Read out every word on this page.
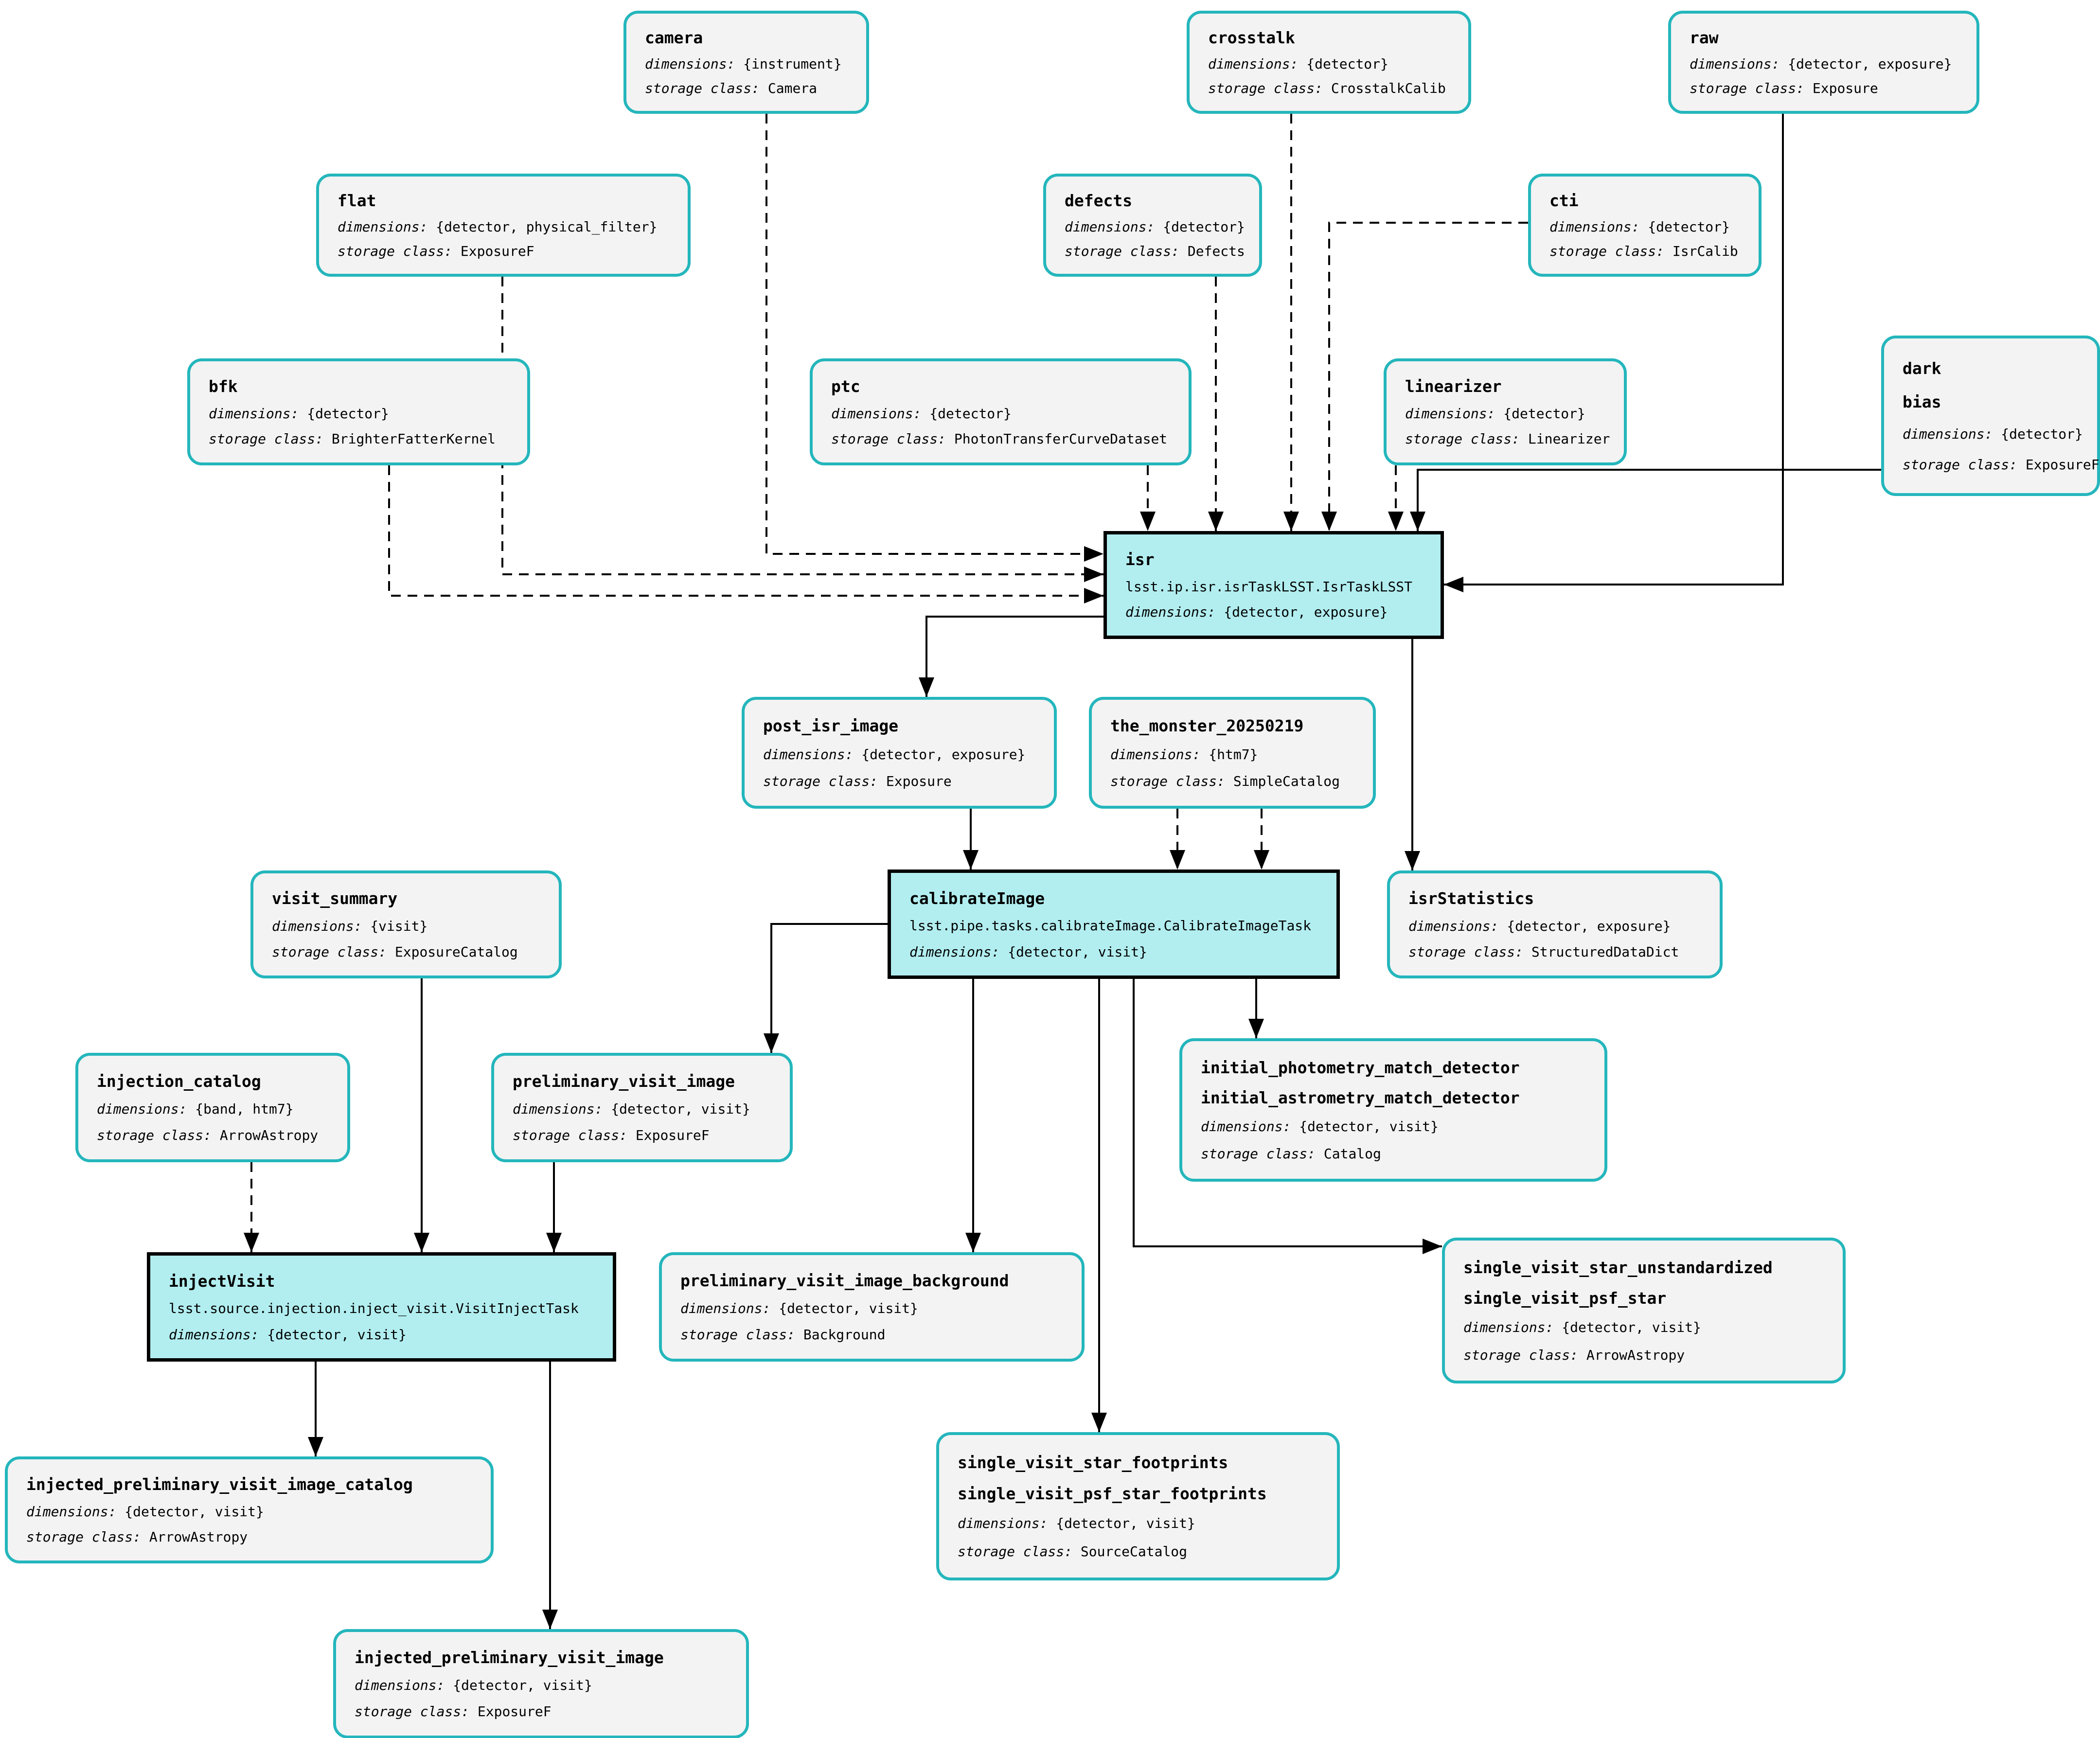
camera
dimensions: {instrument}
storage class: Camera
crosstalk
dimensions: {detector}
storage class: CrosstalkCalib
raw
dimensions: {detector, exposure}
storage class: Exposure
flat
dimensions: {detector, physical_filter}
storage class: ExposureF
defects
dimensions: {detector}
storage class: Defects
cti
dimensions: {detector}
storage class: IsrCalib
bfk
dimensions: {detector}
storage class: BrighterFatterKernel
ptc
dimensions: {detector}
storage class: PhotonTransferCurveDataset
linearizer
dimensions: {detector}
storage class: Linearizer
dark
bias
dimensions: {detector}
storage class: ExposureF
isr
lsst.ip.isr.isrTaskLSST.IsrTaskLSST
dimensions: {detector, exposure}
post_isr_image
dimensions: {detector, exposure}
storage class: Exposure
the_monster_20250219
dimensions: {htm7}
storage class: SimpleCatalog
calibrateImage
lsst.pipe.tasks.calibrateImage.CalibrateImageTask
dimensions: {detector, visit}
isrStatistics
dimensions: {detector, exposure}
storage class: StructuredDataDict
visit_summary
dimensions: {visit}
storage class: ExposureCatalog
injection_catalog
dimensions: {band, htm7}
storage class: ArrowAstropy
preliminary_visit_image
dimensions: {detector, visit}
storage class: ExposureF
initial_photometry_match_detector
initial_astrometry_match_detector
dimensions: {detector, visit}
storage class: Catalog
injectVisit
lsst.source.injection.inject_visit.VisitInjectTask
dimensions: {detector, visit}
preliminary_visit_image_background
dimensions: {detector, visit}
storage class: Background
single_visit_star_unstandardized
single_visit_psf_star
dimensions: {detector, visit}
storage class: ArrowAstropy
injected_preliminary_visit_image_catalog
dimensions: {detector, visit}
storage class: ArrowAstropy
single_visit_star_footprints
single_visit_psf_star_footprints
dimensions: {detector, visit}
storage class: SourceCatalog
injected_preliminary_visit_image
dimensions: {detector, visit}
storage class: ExposureF
